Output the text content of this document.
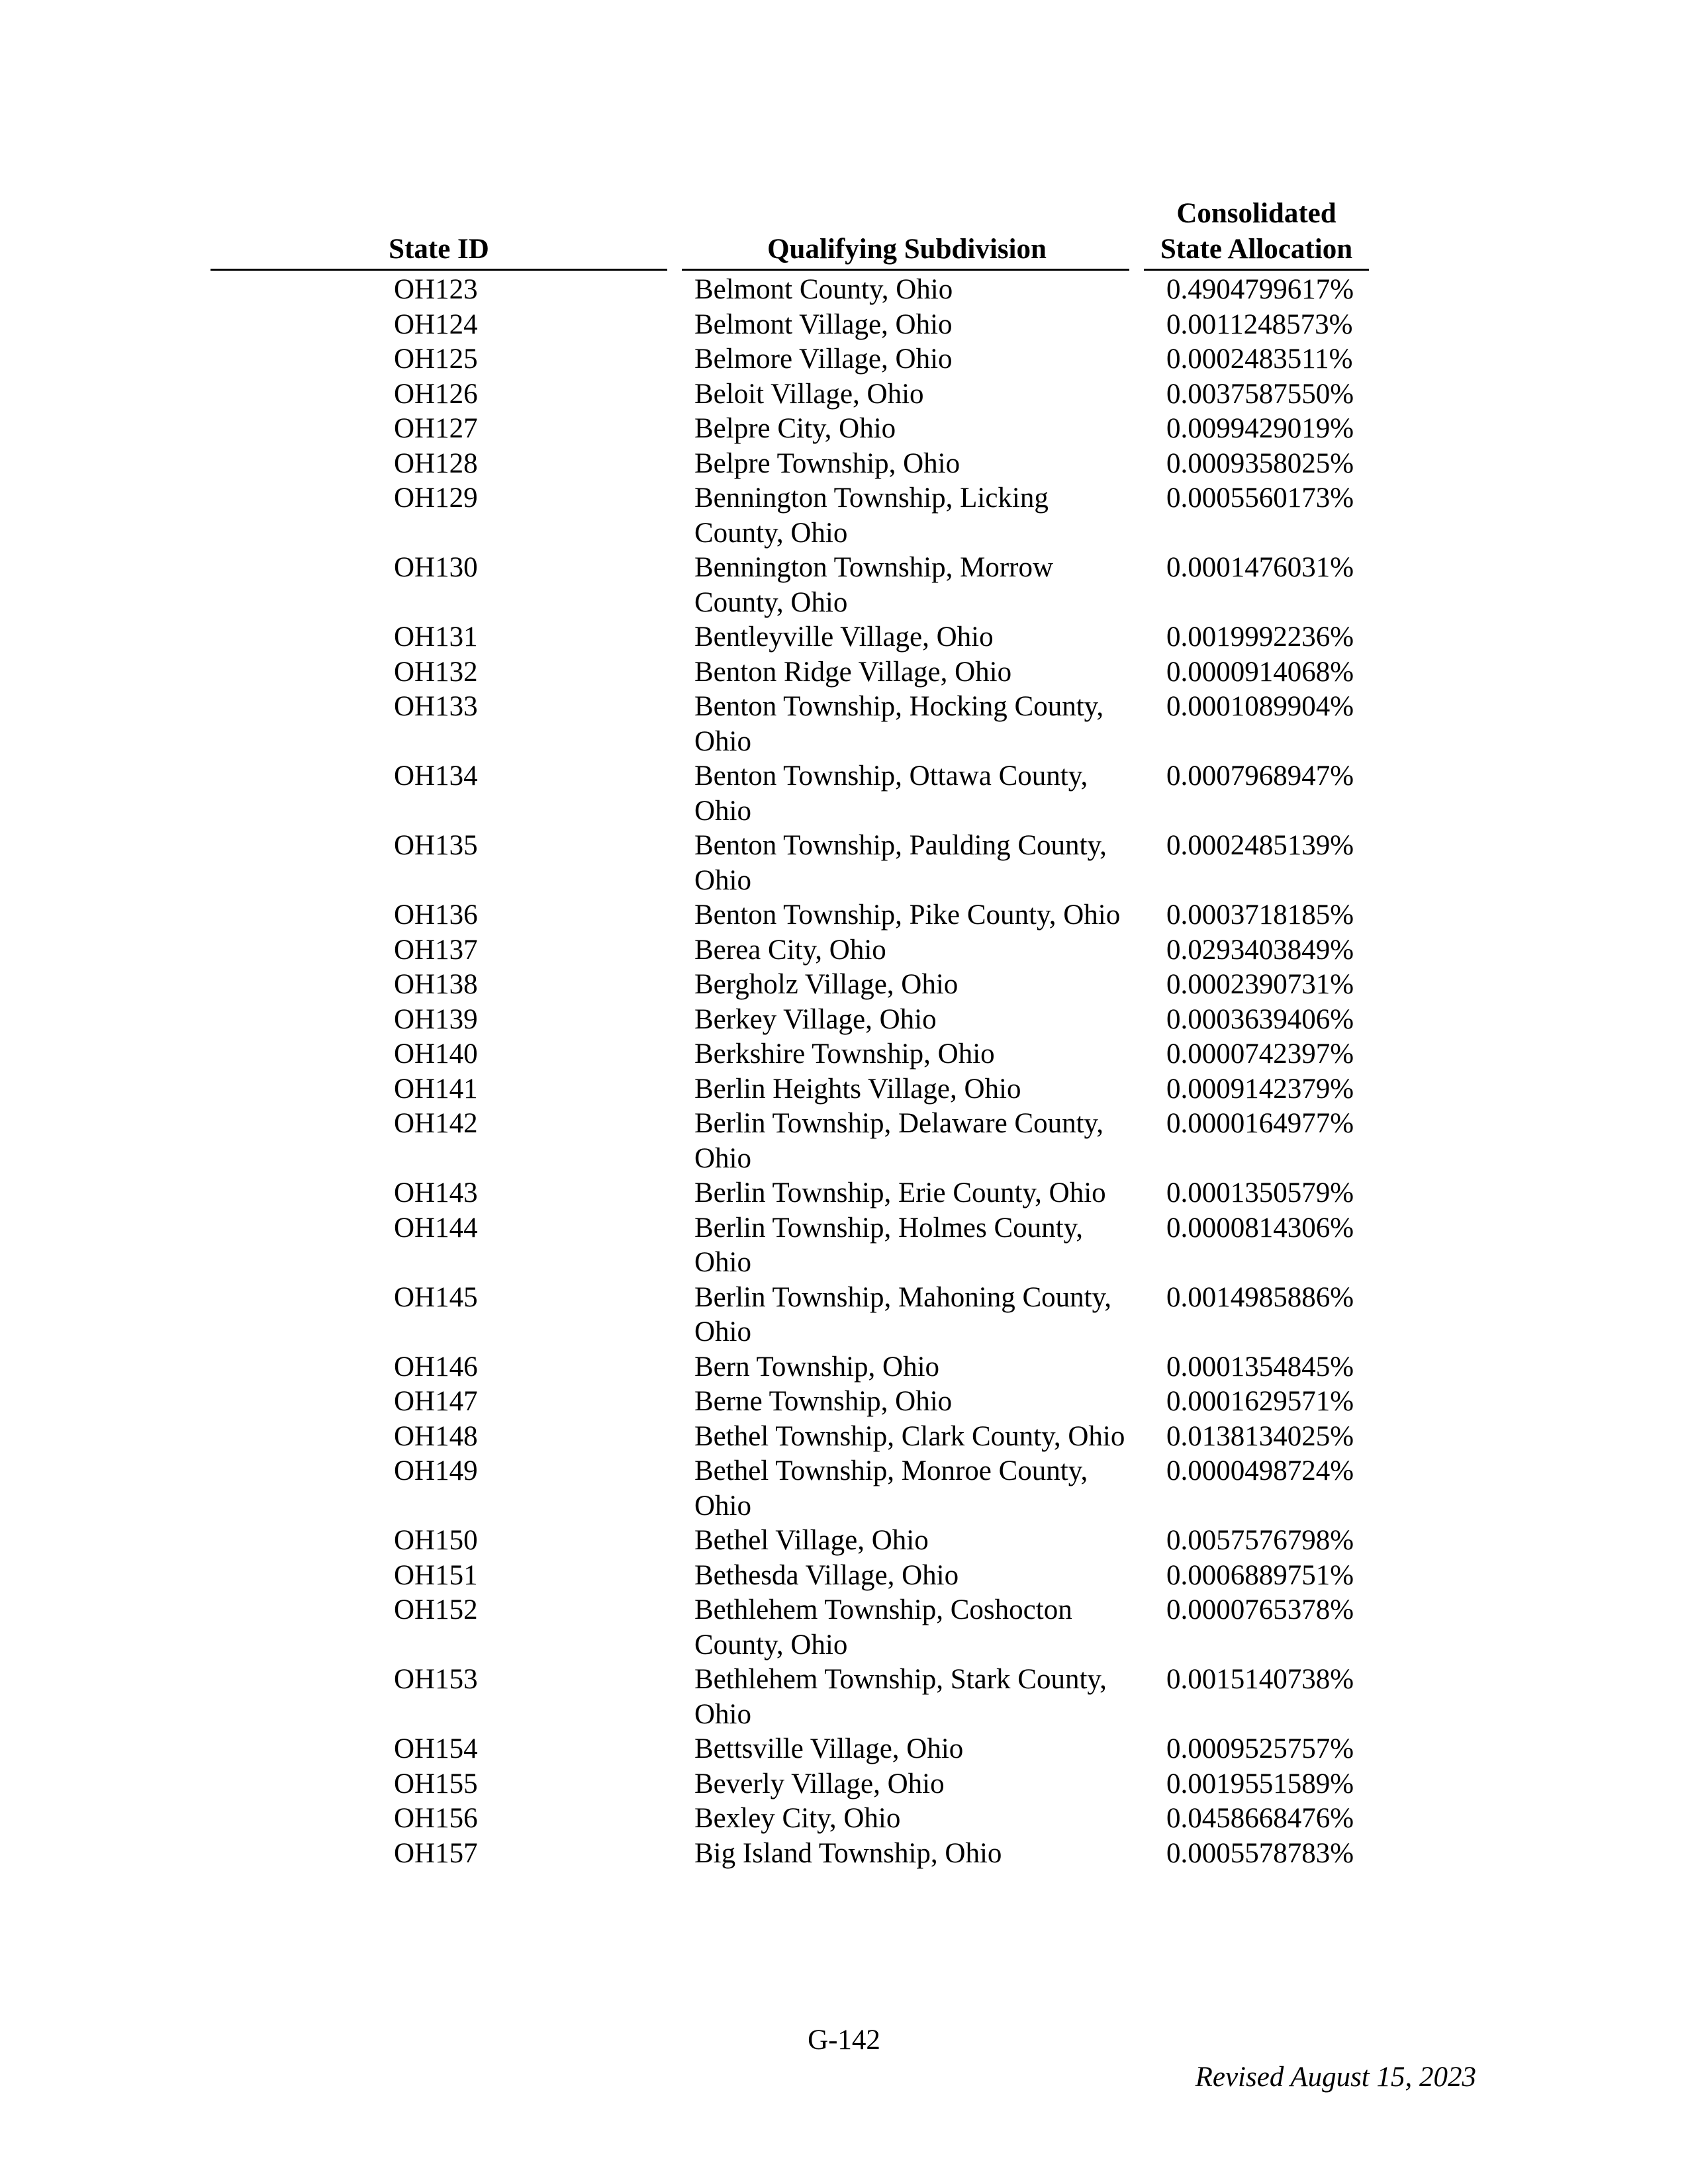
State ID	Qualifying Subdivision
Consolidated
State Allocation
OH123	Belmont County, Ohio	0.4904799617%
OH124	Belmont Village, Ohio	0.0011248573%
OH125	Belmore Village, Ohio	0.0002483511%
OH126	Beloit Village, Ohio	0.0037587550%
OH127	Belpre City, Ohio	0.0099429019%
OH128	Belpre Township, Ohio	0.0009358025%
OH129	Bennington Township, Licking County, Ohio
0.0005560173%
OH130	Bennington Township, Morrow County, Ohio
0.0001476031%
OH131	Bentleyville Village, Ohio	0.0019992236%
OH132	Benton Ridge Village, Ohio	0.0000914068%
OH133	Benton Township, Hocking County, Ohio
0.0001089904%
OH134	Benton Township, Ottawa County, Ohio
0.0007968947%
OH135	Benton Township, Paulding County, Ohio
0.0002485139%
OH136	Benton Township, Pike County, Ohio	0.0003718185%
OH137	Berea City, Ohio	0.0293403849%
OH138	Bergholz Village, Ohio	0.0002390731%
OH139	Berkey Village, Ohio	0.0003639406%
OH140	Berkshire Township, Ohio	0.0000742397%
OH141	Berlin Heights Village, Ohio	0.0009142379%
OH142	Berlin Township, Delaware County, Ohio
0.0000164977%
OH143	Berlin Township, Erie County, Ohio	0.0001350579%
OH144	Berlin Township, Holmes County, Ohio
0.0000814306%
OH145	Berlin Township, Mahoning County, Ohio
0.0014985886%
OH146	Bern Township, Ohio	0.0001354845%
OH147	Berne Township, Ohio	0.0001629571%
OH148	Bethel Township, Clark County, Ohio 0.0138134025%
OH149	Bethel Township, Monroe County, Ohio
0.0000498724%
OH150	Bethel Village, Ohio	0.0057576798%
OH151	Bethesda Village, Ohio	0.0006889751%
OH152	Bethlehem Township, Coshocton County, Ohio
0.0000765378%
OH153	Bethlehem Township, Stark County, Ohio
0.0015140738%
OH154	Bettsville Village, Ohio	0.0009525757%
OH155	Beverly Village, Ohio	0.0019551589%
OH156	Bexley City, Ohio	0.0458668476%
OH157	Big Island Township, Ohio	0.0005578783%
G-142
Revised August 15, 2023
